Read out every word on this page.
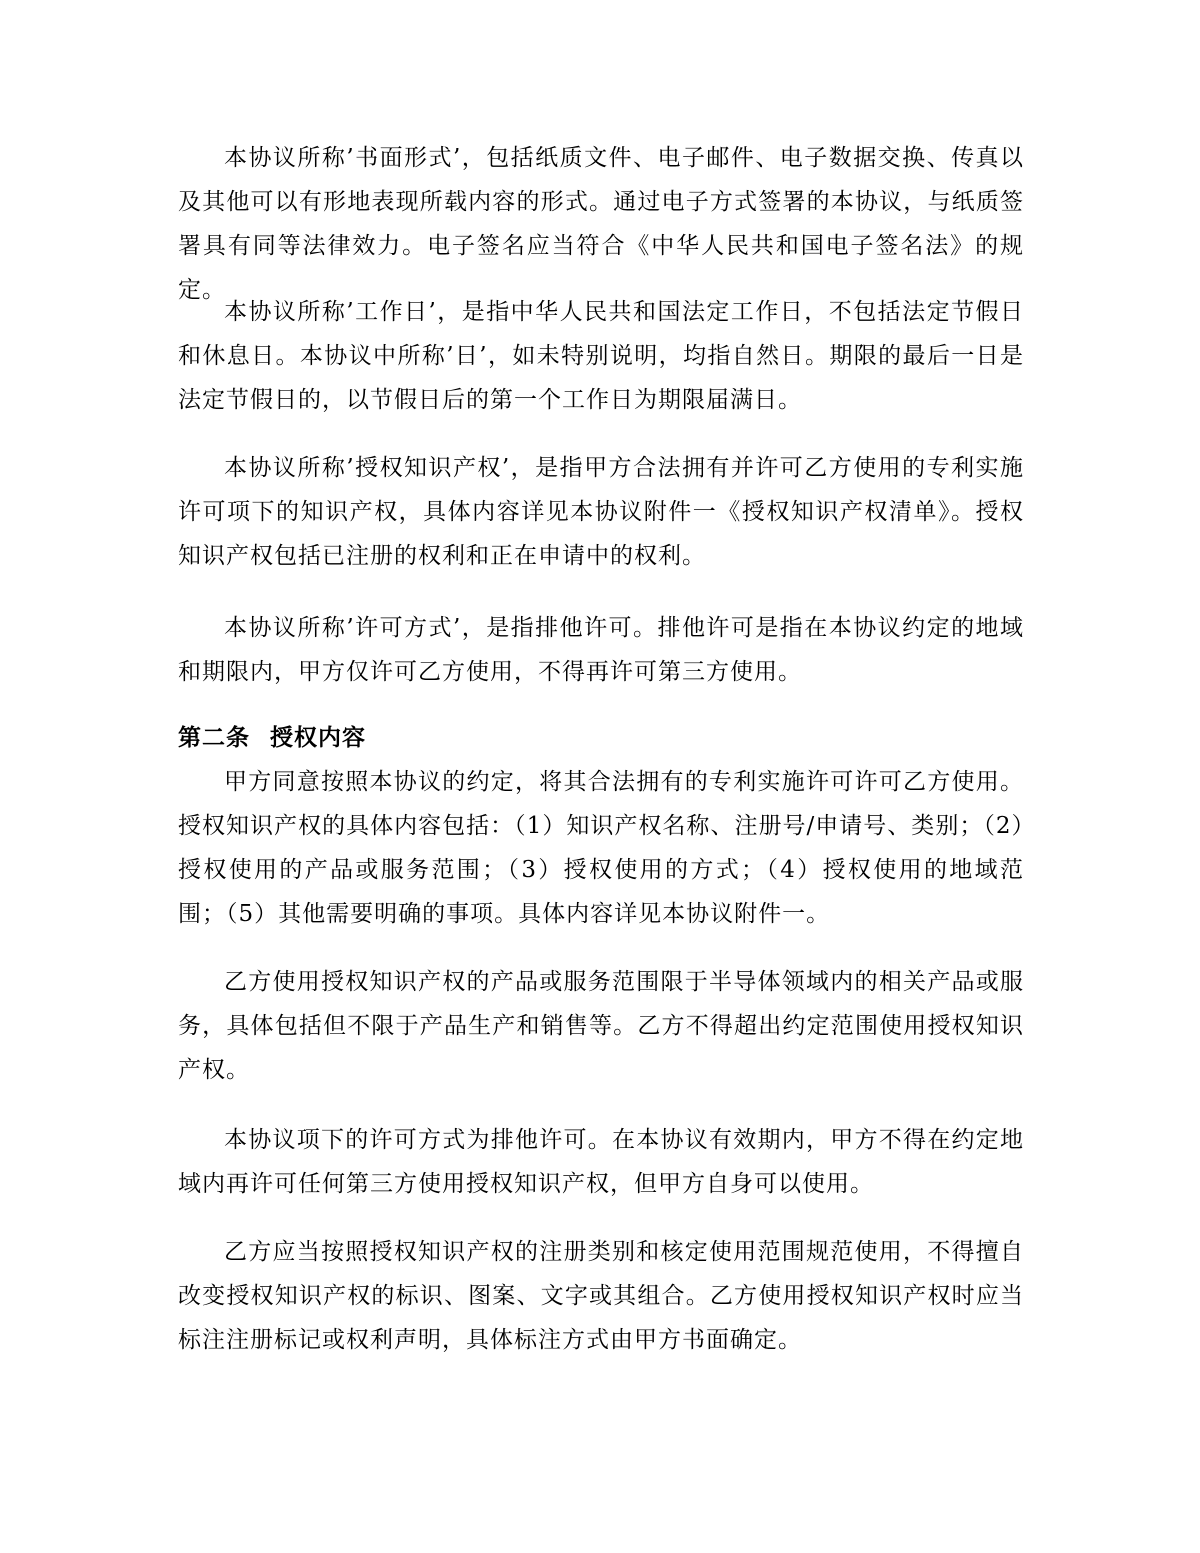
本协议所称’书面形式’，包括纸质文件、电子邮件、电子数据交换、传真以及其他可以有形地表现所载内容的形式。通过电子方式签署的本协议，与纸质签署具有同等法律效力。电子签名应当符合《中华人民共和国电子签名法》的规定。

本协议所称’工作日’，是指中华人民共和国法定工作日，不包括法定节假日和休息日。本协议中所称’日’，如未特别说明，均指自然日。期限的最后一日是法定节假日的，以节假日后的第一个工作日为期限届满日。

本协议所称’授权知识产权’，是指甲方合法拥有并许可乙方使用的专利实施许可项下的知识产权，具体内容详见本协议附件一《授权知识产权清单》。授权知识产权包括已注册的权利和正在申请中的权利。

本协议所称’许可方式’，是指排他许可。排他许可是指在本协议约定的地域和期限内，甲方仅许可乙方使用，不得再许可第三方使用。

第二条 授权内容

甲方同意按照本协议的约定，将其合法拥有的专利实施许可许可乙方使用。授权知识产权的具体内容包括：（1）知识产权名称、注册号/申请号、类别；（2）授权使用的产品或服务范围；（3）授权使用的方式；（4）授权使用的地域范围；（5）其他需要明确的事项。具体内容详见本协议附件一。

乙方使用授权知识产权的产品或服务范围限于半导体领域内的相关产品或服务，具体包括但不限于产品生产和销售等。乙方不得超出约定范围使用授权知识产权。

本协议项下的许可方式为排他许可。在本协议有效期内，甲方不得在约定地域内再许可任何第三方使用授权知识产权，但甲方自身可以使用。

乙方应当按照授权知识产权的注册类别和核定使用范围规范使用，不得擅自改变授权知识产权的标识、图案、文字或其组合。乙方使用授权知识产权时应当标注注册标记或权利声明，具体标注方式由甲方书面确定。
